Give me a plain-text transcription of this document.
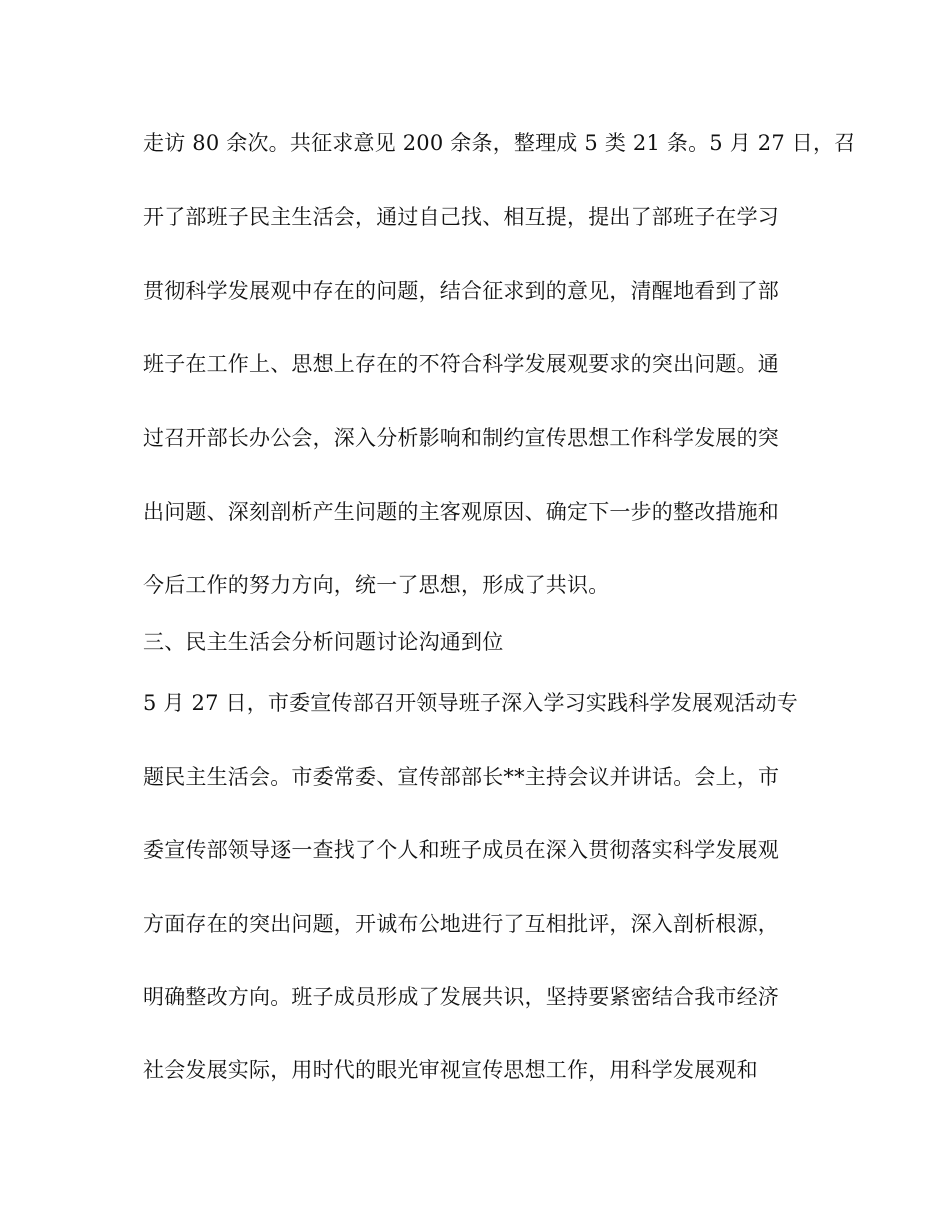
走访 80 余次。共征求意见 200 余条，整理成 5 类 21 条。5 月 27 日，召
开了部班子民主生活会，通过自己找、相互提，提出了部班子在学习
贯彻科学发展观中存在的问题，结合征求到的意见，清醒地看到了部
班子在工作上、思想上存在的不符合科学发展观要求的突出问题。通
过召开部长办公会，深入分析影响和制约宣传思想工作科学发展的突
出问题、深刻剖析产生问题的主客观原因、确定下一步的整改措施和
今后工作的努力方向，统一了思想，形成了共识。
三、民主生活会分析问题讨论沟通到位
5 月 27 日，市委宣传部召开领导班子深入学习实践科学发展观活动专
题民主生活会。市委常委、宣传部部长**主持会议并讲话。会上，市
委宣传部领导逐一查找了个人和班子成员在深入贯彻落实科学发展观
方面存在的突出问题，开诚布公地进行了互相批评，深入剖析根源，
明确整改方向。班子成员形成了发展共识，坚持要紧密结合我市经济
社会发展实际，用时代的眼光审视宣传思想工作，用科学发展观和
